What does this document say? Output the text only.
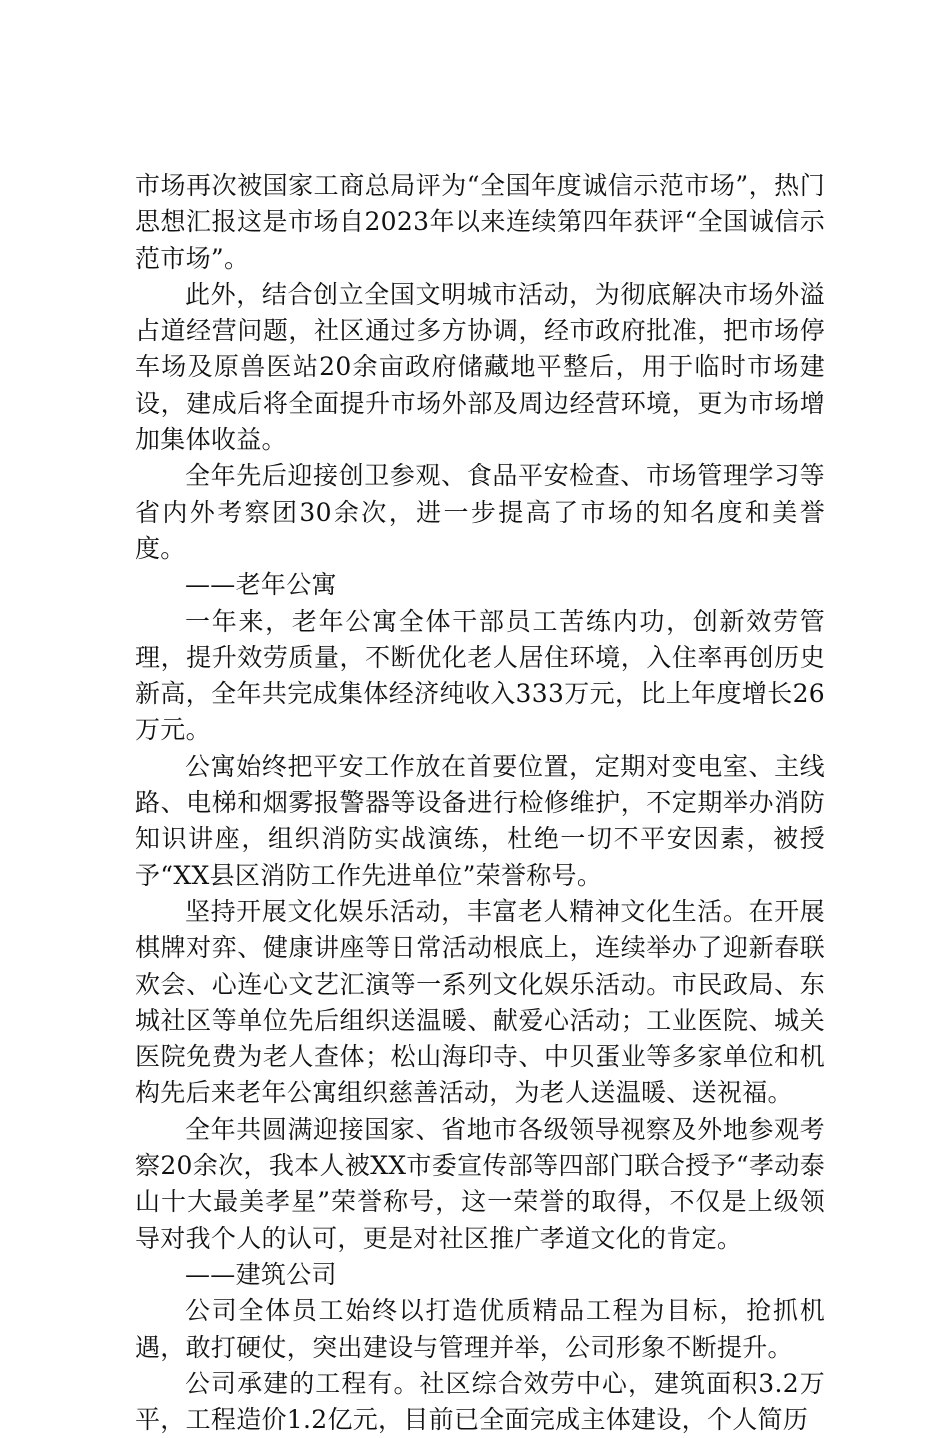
市场再次被国家工商总局评为“全国年度诚信示范市场”，热门思想汇报这是市场自2023年以来连续第四年获评“全国诚信示范市场”。

此外，结合创立全国文明城市活动，为彻底解决市场外溢占道经营问题，社区通过多方协调，经市政府批准，把市场停车场及原兽医站20余亩政府储藏地平整后，用于临时市场建设，建成后将全面提升市场外部及周边经营环境，更为市场增加集体收益。

全年先后迎接创卫参观、食品平安检查、市场管理学习等省内外考察团30余次，进一步提高了市场的知名度和美誉度。

——老年公寓

一年来，老年公寓全体干部员工苦练内功，创新效劳管理，提升效劳质量，不断优化老人居住环境，入住率再创历史新高，全年共完成集体经济纯收入333万元，比上年度增长26万元。

公寓始终把平安工作放在首要位置，定期对变电室、主线路、电梯和烟雾报警器等设备进行检修维护，不定期举办消防知识讲座，组织消防实战演练，杜绝一切不平安因素，被授予“XX县区消防工作先进单位”荣誉称号。

坚持开展文化娱乐活动，丰富老人精神文化生活。在开展棋牌对弈、健康讲座等日常活动根底上，连续举办了迎新春联欢会、心连心文艺汇演等一系列文化娱乐活动。市民政局、东城社区等单位先后组织送温暖、献爱心活动；工业医院、城关医院免费为老人查体；松山海印寺、中贝蛋业等多家单位和机构先后来老年公寓组织慈善活动，为老人送温暖、送祝福。

全年共圆满迎接国家、省地市各级领导视察及外地参观考察20余次，我本人被XX市委宣传部等四部门联合授予“孝动泰山十大最美孝星”荣誉称号，这一荣誉的取得，不仅是上级领导对我个人的认可，更是对社区推广孝道文化的肯定。

——建筑公司

公司全体员工始终以打造优质精品工程为目标，抢抓机遇，敢打硬仗，突出建设与管理并举，公司形象不断提升。

公司承建的工程有。社区综合效劳中心，建筑面积3.2万平，工程造价1.2亿元，目前已全面完成主体建设，个人简历
